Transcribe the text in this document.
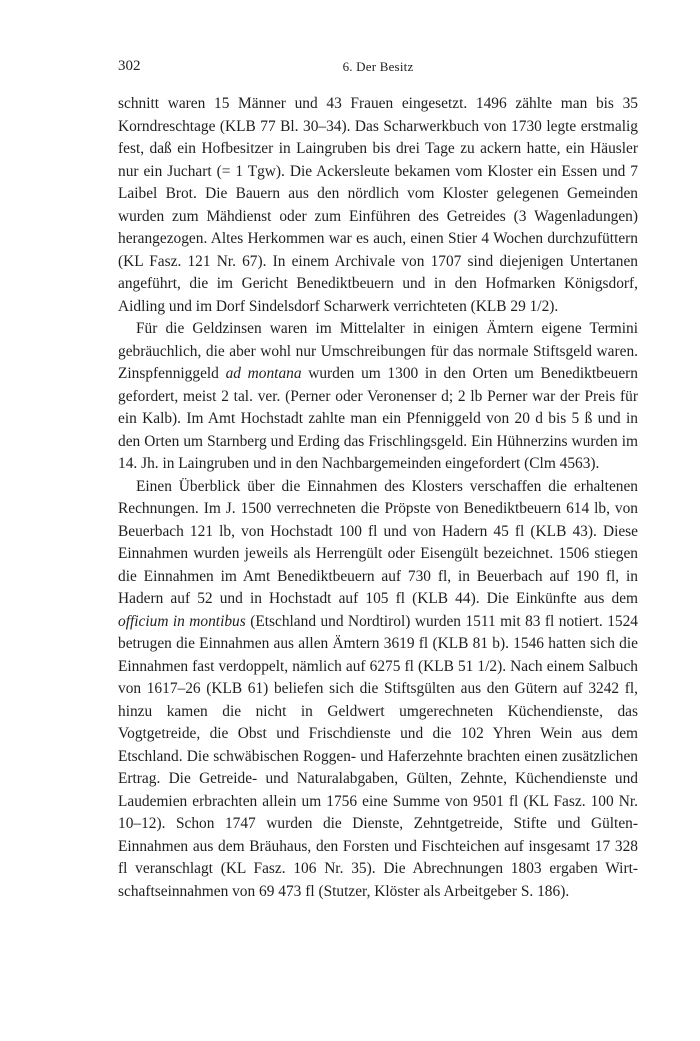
302	6. Der Besitz

schnitt waren 15 Männer und 43 Frauen eingesetzt. 1496 zählte man bis 35 Korndreschtage (KLB 77 Bl. 30–34). Das Scharwerkbuch von 1730 legte erstmalig fest, daß ein Hofbesitzer in Laingruben bis drei Tage zu ackern hatte, ein Häusler nur ein Juchart (= 1 Tgw). Die Ackersleute bekamen vom Kloster ein Essen und 7 Laibel Brot. Die Bauern aus den nördlich vom Kloster gelegenen Gemeinden wurden zum Mähdienst oder zum Einführen des Getreides (3 Wagenladungen) herangezogen. Altes Herkommen war es auch, einen Stier 4 Wochen durchzufüttern (KL Fasz. 121 Nr. 67). In einem Archivale von 1707 sind diejenigen Untertanen angeführt, die im Gericht Benediktbeuern und in den Hofmarken Königsdorf, Aidling und im Dorf Sindelsdorf Scharwerk verrichteten (KLB 29 1/2).

Für die Geldzinsen waren im Mittelalter in einigen Ämtern eigene Termini gebräuchlich, die aber wohl nur Umschreibungen für das normale Stiftsgeld waren. Zinspfenniggeld ad montana wurden um 1300 in den Orten um Benediktbeuern gefordert, meist 2 tal. ver. (Perner oder Veronenser d; 2 lb Perner war der Preis für ein Kalb). Im Amt Hochstadt zahlte man ein Pfenniggeld von 20 d bis 5 ß und in den Orten um Starnberg und Erding das Frischlingsgeld. Ein Hühnerzins wurden im 14. Jh. in Laingruben und in den Nachbargemeinden eingefordert (Clm 4563).

Einen Überblick über die Einnahmen des Klosters verschaffen die erhaltenen Rechnungen. Im J. 1500 verrechneten die Pröpste von Benediktbeuern 614 lb, von Beuerbach 121 lb, von Hochstadt 100 fl und von Hadern 45 fl (KLB 43). Diese Einnahmen wurden jeweils als Herrengült oder Eisengült bezeichnet. 1506 stiegen die Einnahmen im Amt Benediktbeuern auf 730 fl, in Beuerbach auf 190 fl, in Hadern auf 52 und in Hochstadt auf 105 fl (KLB 44). Die Einkünfte aus dem officium in montibus (Etschland und Nordtirol) wurden 1511 mit 83 fl notiert. 1524 betrugen die Einnahmen aus allen Ämtern 3619 fl (KLB 81 b). 1546 hatten sich die Einnahmen fast verdoppelt, nämlich auf 6275 fl (KLB 51 1/2). Nach einem Salbuch von 1617–26 (KLB 61) beliefen sich die Stiftsgülten aus den Gütern auf 3242 fl, hinzu kamen die nicht in Geldwert umgerechneten Küchendienste, das Vogtgetreide, die Obst und Frischdienste und die 102 Yhren Wein aus dem Etschland. Die schwäbischen Roggen- und Haferzehnte brachten einen zusätzlichen Ertrag. Die Getreide- und Naturalabgaben, Gülten, Zehnte, Küchendienste und Laudemien erbrachten allein um 1756 eine Summe von 9501 fl (KL Fasz. 100 Nr. 10–12). Schon 1747 wurden die Dienste, Zehntgetreide, Stifte und Gülten-Einnahmen aus dem Bräuhaus, den Forsten und Fischteichen auf insgesamt 17 328 fl veranschlagt (KL Fasz. 106 Nr. 35). Die Abrechnungen 1803 ergaben Wirtschaftseinnahmen von 69 473 fl (Stutzer, Klöster als Arbeitgeber S. 186).
